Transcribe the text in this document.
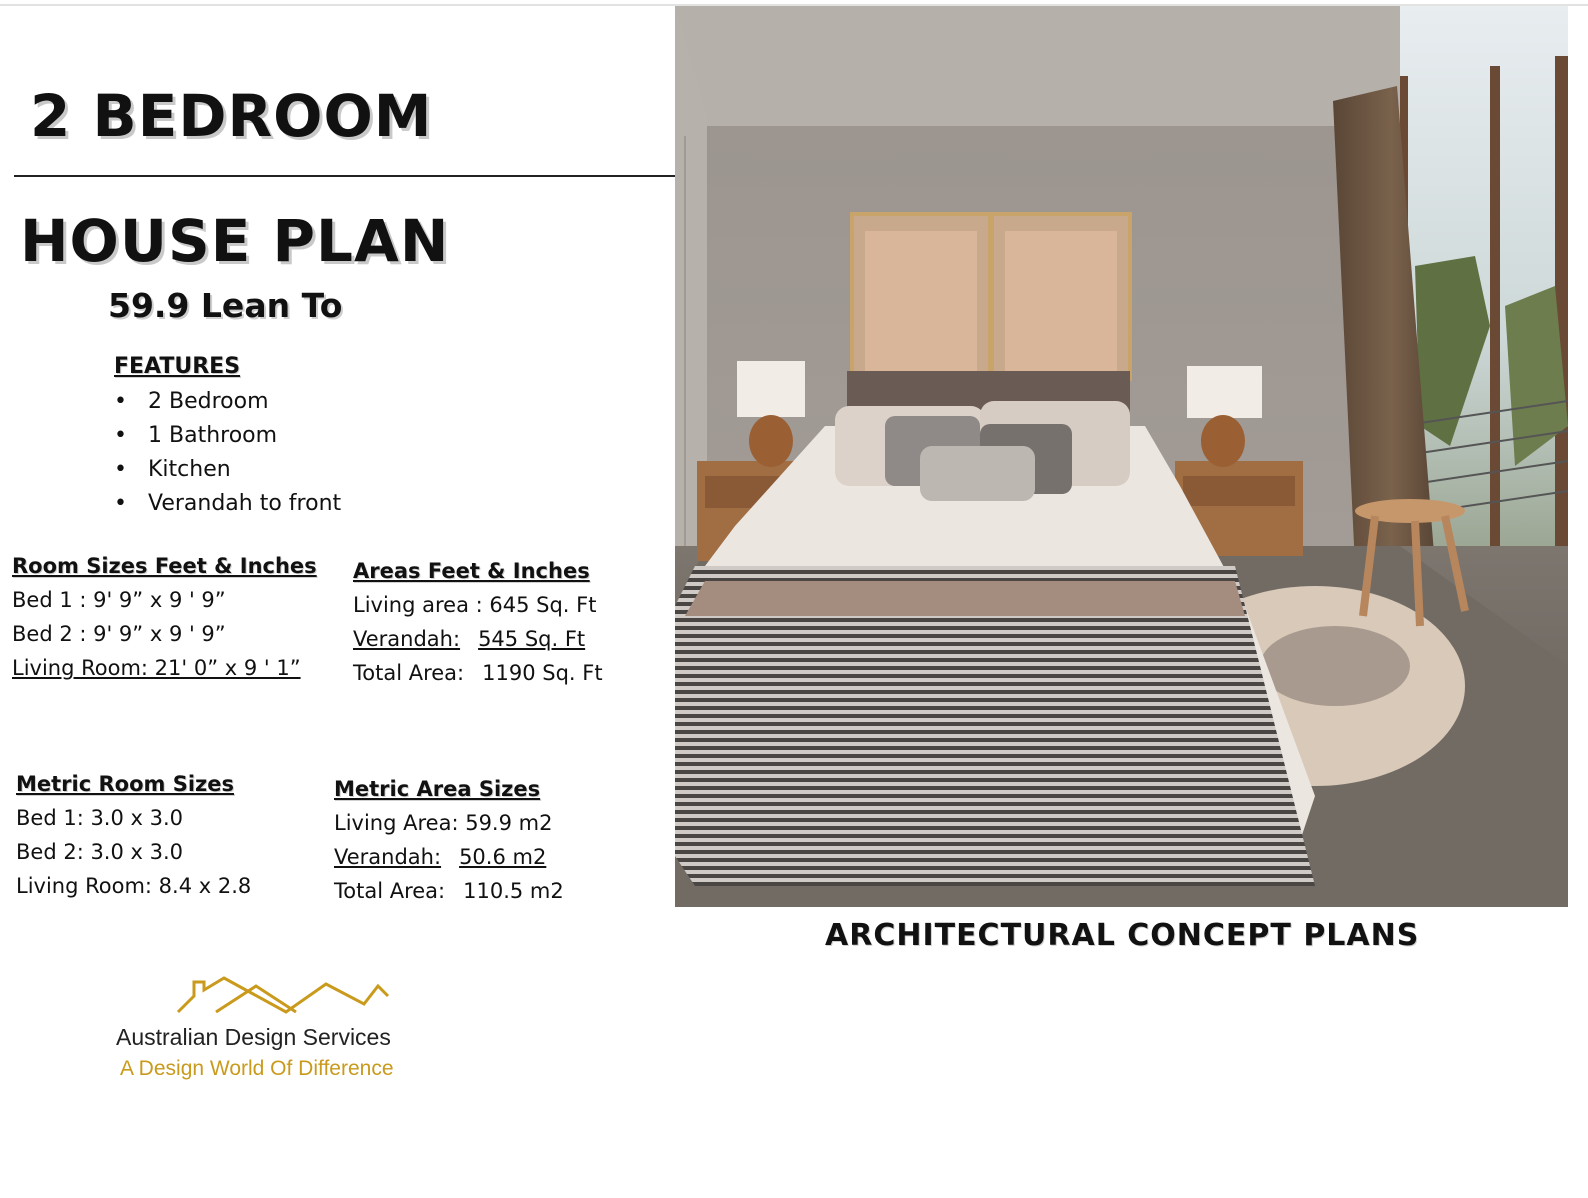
2 BEDROOM
HOUSE PLAN
59.9 Lean To
FEATURES
• 2 Bedroom
• 1 Bathroom
• Kitchen
• Verandah to front
Room Sizes Feet & Inches
Bed 1 : 9' 9” x 9 ' 9”
Bed 2 : 9' 9” x 9 ' 9”
Living Room: 21' 0” x 9 ' 1”
Areas Feet & Inches
Living area : 645 Sq. Ft
Verandah: 545 Sq. Ft
Total Area: 1190 Sq. Ft
Metric Room Sizes
Bed 1: 3.0 x 3.0
Bed 2: 3.0 x 3.0
Living Room: 8.4 x 2.8
Metric Area Sizes
Living Area: 59.9 m2
Verandah: 50.6 m2
Total Area: 110.5 m2
ARCHITECTURAL CONCEPT PLANS
Australian Design Services
A Design World Of Difference
